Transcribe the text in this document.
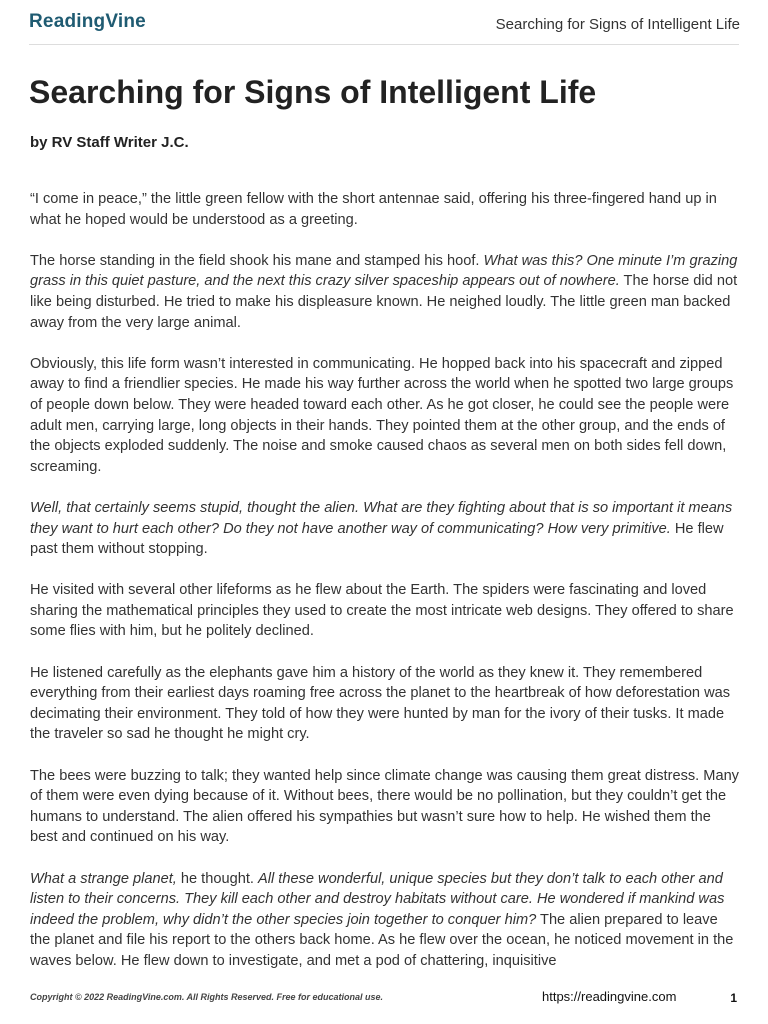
ReadingVine	Searching for Signs of Intelligent Life
Searching for Signs of Intelligent Life
by RV Staff Writer J.C.

“I come in peace,” the little green fellow with the short antennae said, offering his three-fingered hand up in what he hoped would be understood as a greeting.

The horse standing in the field shook his mane and stamped his hoof. What was this? One minute I’m grazing grass in this quiet pasture, and the next this crazy silver spaceship appears out of nowhere. The horse did not like being disturbed. He tried to make his displeasure known. He neighed loudly. The little green man backed away from the very large animal.

Obviously, this life form wasn’t interested in communicating. He hopped back into his spacecraft and zipped away to find a friendlier species. He made his way further across the world when he spotted two large groups of people down below. They were headed toward each other. As he got closer, he could see the people were adult men, carrying large, long objects in their hands. They pointed them at the other group, and the ends of the objects exploded suddenly. The noise and smoke caused chaos as several men on both sides fell down, screaming.

Well, that certainly seems stupid, thought the alien. What are they fighting about that is so important it means they want to hurt each other? Do they not have another way of communicating? How very primitive. He flew past them without stopping.

He visited with several other lifeforms as he flew about the Earth. The spiders were fascinating and loved sharing the mathematical principles they used to create the most intricate web designs. They offered to share some flies with him, but he politely declined.

He listened carefully as the elephants gave him a history of the world as they knew it. They remembered everything from their earliest days roaming free across the planet to the heartbreak of how deforestation was decimating their environment. They told of how they were hunted by man for the ivory of their tusks. It made the traveler so sad he thought he might cry.

The bees were buzzing to talk; they wanted help since climate change was causing them great distress. Many of them were even dying because of it. Without bees, there would be no pollination, but they couldn’t get the humans to understand. The alien offered his sympathies but wasn’t sure how to help. He wished them the best and continued on his way.

What a strange planet, he thought. All these wonderful, unique species but they don’t talk to each other and listen to their concerns. They kill each other and destroy habitats without care. He wondered if mankind was indeed the problem, why didn’t the other species join together to conquer him? The alien prepared to leave the planet and file his report to the others back home. As he flew over the ocean, he noticed movement in the waves below. He flew down to investigate, and met a pod of chattering, inquisitive

Copyright © 2022 ReadingVine.com. All Rights Reserved. Free for educational use.	https://readingvine.com	1
